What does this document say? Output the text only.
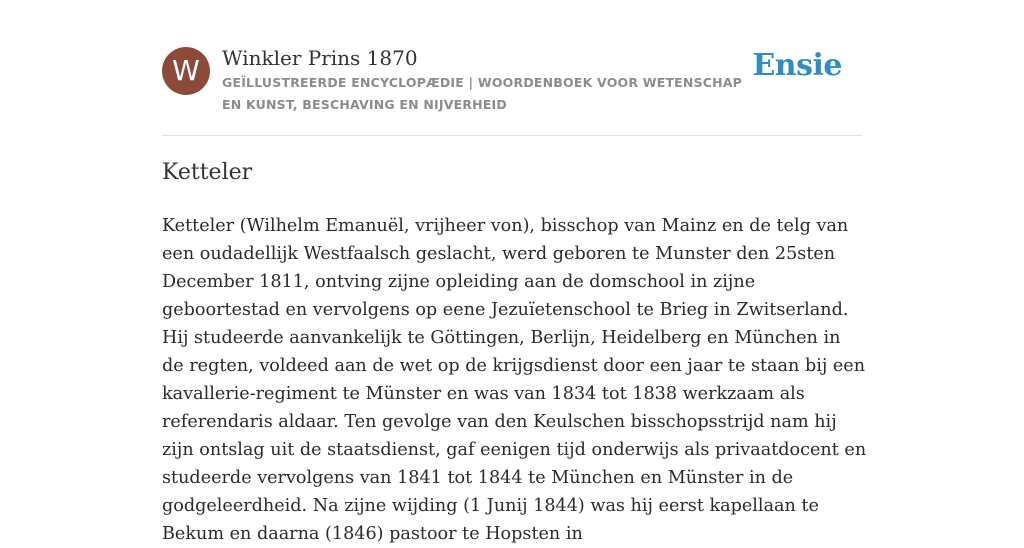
W	Winkler Prins 1870
GEÏLLUSTREERDE ENCYCLOPÆDIE | WOORDENBOEK VOOR WETENSCHAP EN KUNST, BESCHAVING EN NIJVERHEID
Ensie
Ketteler

Ketteler (Wilhelm Emanuël, vrijheer von), bisschop van Mainz en de telg van een oudadellijk Westfaalsch geslacht, werd geboren te Munster den 25sten December 1811, ontving zijne opleiding aan de domschool in zijne geboortestad en vervolgens op eene Jezuïetenschool te Brieg in Zwitserland. Hij studeerde aanvankelijk te Göttingen, Berlijn, Heidelberg en München in de regten, voldeed aan de wet op de krijgsdienst door een jaar te staan bij een kavallerie-regiment te Münster en was van 1834 tot 1838 werkzaam als referendaris aldaar. Ten gevolge van den Keulschen bisschopsstrijd nam hij zijn ontslag uit de staatsdienst, gaf eenigen tijd onderwijs als privaatdocent en studeerde vervolgens van 1841 tot 1844 te München en Münster in de godgeleerdheid. Na zijne wijding (1 Junij 1844) was hij eerst kapellaan te Bekum en daarna (1846) pastoor te Hopsten in
